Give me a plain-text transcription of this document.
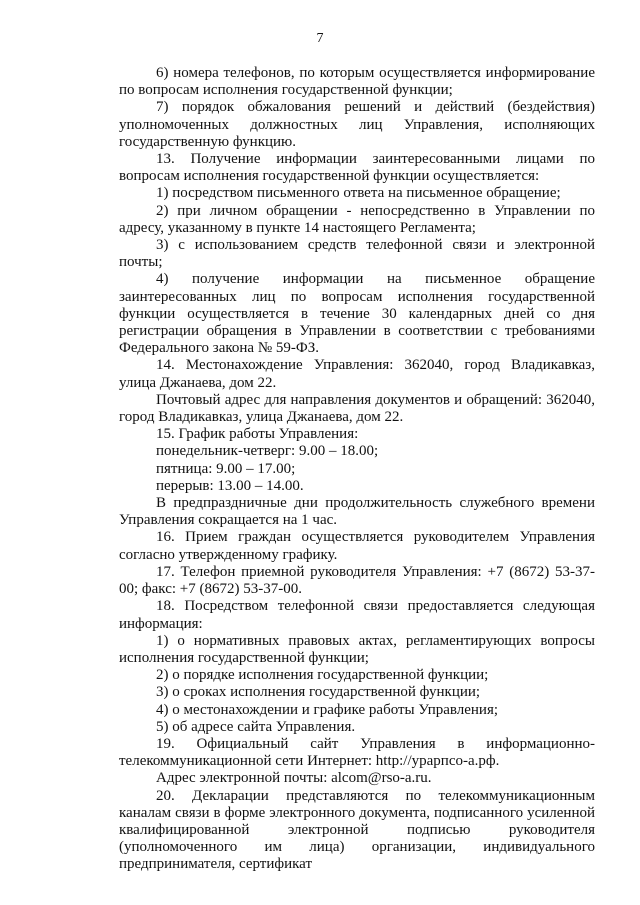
7

6) номера телефонов, по которым осуществляется информирование по вопросам исполнения государственной функции;

7) порядок обжалования решений и действий (бездействия) уполномоченных должностных лиц Управления, исполняющих государственную функцию.

13. Получение информации заинтересованными лицами по вопросам исполнения государственной функции осуществляется:

1) посредством письменного ответа на письменное обращение;

2) при личном обращении - непосредственно в Управлении по адресу, указанному в пункте 14 настоящего Регламента;

3) с использованием средств телефонной связи и электронной почты;

4) получение информации на письменное обращение заинтересованных лиц по вопросам исполнения государственной функции осуществляется в течение 30 календарных дней со дня регистрации обращения в Управлении в соответствии с требованиями Федерального закона № 59-ФЗ.

14. Местонахождение Управления: 362040, город Владикавказ, улица Джанаева, дом 22.

Почтовый адрес для направления документов и обращений: 362040, город Владикавказ, улица Джанаева, дом 22.

15. График работы Управления:

понедельник-четверг: 9.00 – 18.00;

пятница: 9.00 – 17.00;

перерыв: 13.00 – 14.00.

В предпраздничные дни продолжительность служебного времени Управления сокращается на 1 час.

16. Прием граждан осуществляется руководителем Управления согласно утвержденному графику.

17. Телефон приемной руководителя Управления: +7 (8672) 53-37-00; факс: +7 (8672) 53-37-00.

18. Посредством телефонной связи предоставляется следующая информация:

1) о нормативных правовых актах, регламентирующих вопросы исполнения государственной функции;

2) о порядке исполнения государственной функции;

3) о сроках исполнения государственной функции;

4) о местонахождении и графике работы Управления;

5) об адресе сайта Управления.

19. Официальный сайт Управления в информационно-телекоммуникационной сети Интернет: http://урарпсо-а.рф.

Адрес электронной почты: alcom@rso-a.ru.

20. Декларации представляются по телекоммуникационным каналам связи в форме электронного документа, подписанного усиленной квалифицированной электронной подписью руководителя (уполномоченного им лица) организации, индивидуального предпринимателя, сертификат
